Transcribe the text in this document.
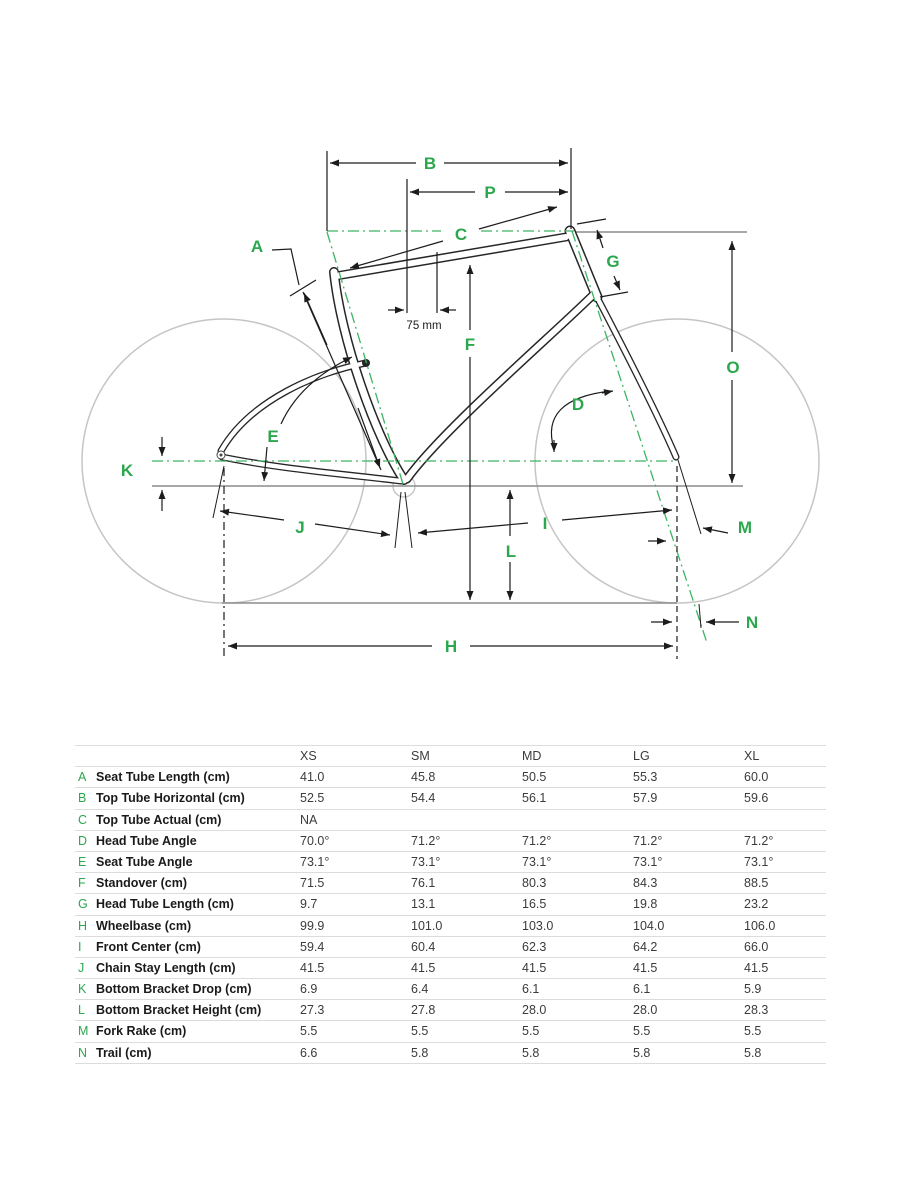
A
B
C
D
E
F
G
H
I
J
K
L
M
N
O
P
75 mm
XS	SM	MD	LG	XL
A Seat Tube Length (cm)	41.0	45.8	50.5	55.3	60.0
B Top Tube Horizontal (cm)	52.5	54.4	56.1	57.9	59.6
C Top Tube Actual (cm)	NA
D Head Tube Angle	70.0°	71.2°	71.2°	71.2°	71.2°
E Seat Tube Angle	73.1°	73.1°	73.1°	73.1°	73.1°
F Standover (cm)	71.5	76.1	80.3	84.3	88.5
G Head Tube Length (cm)	9.7	13.1	16.5	19.8	23.2
H Wheelbase (cm)	99.9	101.0	103.0	104.0	106.0
I	Front Center (cm)	59.4	60.4	62.3	64.2	66.0
J Chain Stay Length (cm)	41.5	41.5	41.5	41.5	41.5
K Bottom Bracket Drop (cm)	6.9	6.4	6.1	6.1	5.9
L Bottom Bracket Height (cm)	27.3	27.8	28.0	28.0	28.3
M Fork Rake (cm)	5.5	5.5	5.5	5.5	5.5
N Trail (cm)	6.6	5.8	5.8	5.8	5.8
